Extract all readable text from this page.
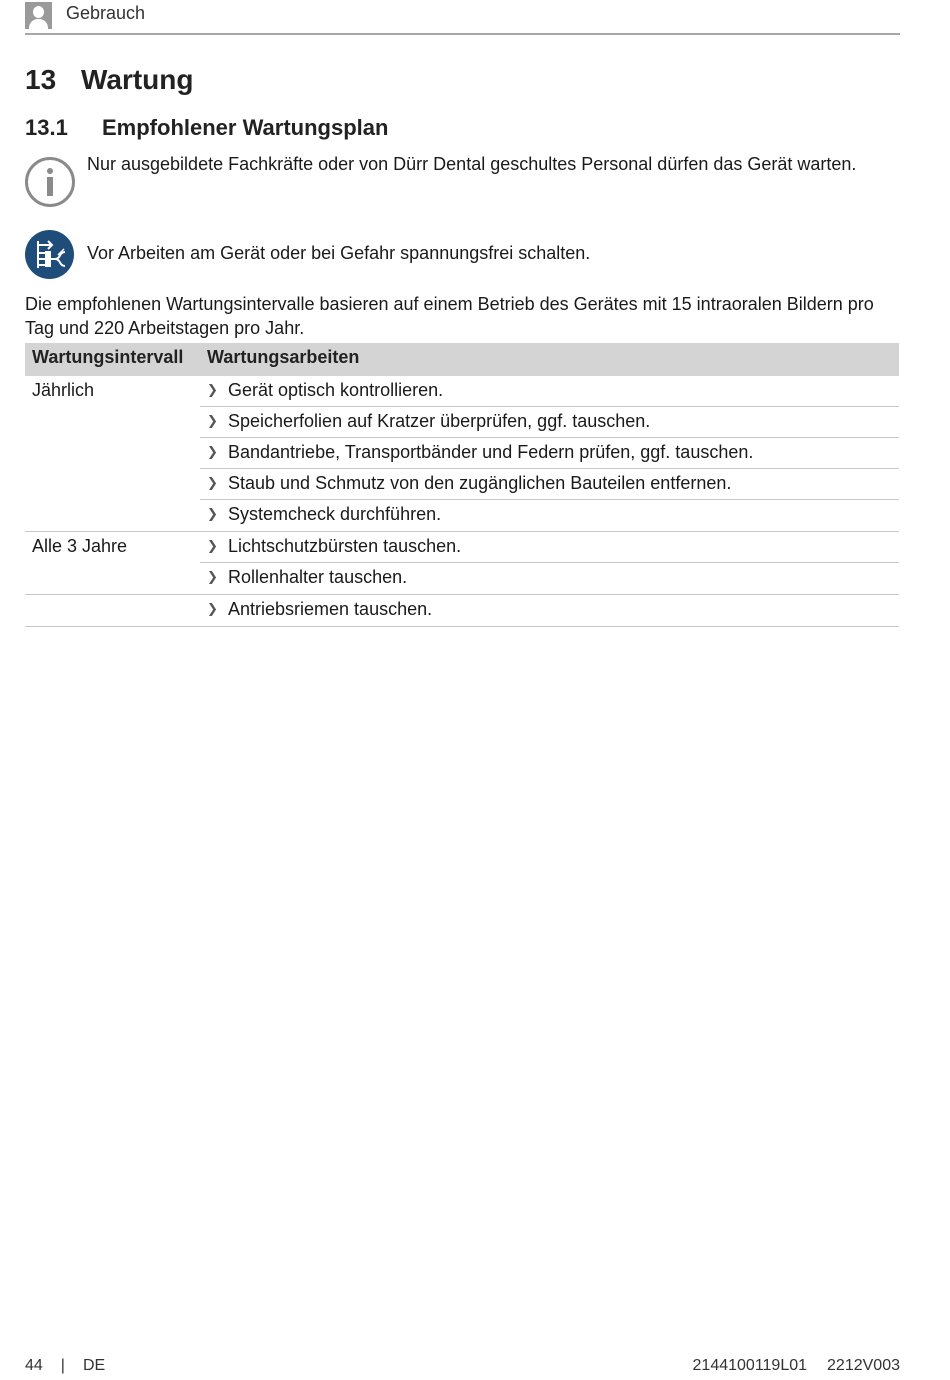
Gebrauch
13 Wartung
13.1 Empfohlener Wartungsplan
Nur ausgebildete Fachkräfte oder von Dürr Dental geschultes Personal dürfen das Gerät warten.
Vor Arbeiten am Gerät oder bei Gefahr spannungsfrei schalten.
Die empfohlenen Wartungsintervalle basieren auf einem Betrieb des Gerätes mit 15 intraoralen Bildern pro Tag und 220 Arbeitstagen pro Jahr.
Wartungsintervall Wartungsarbeiten
Jährlich	❯ Gerät optisch kontrollieren.
❯ Speicherfolien auf Kratzer überprüfen, ggf. tauschen.
❯ Bandantriebe, Transportbänder und Federn prüfen, ggf. tauschen.
❯ Staub und Schmutz von den zugänglichen Bauteilen entfernen.
❯ Systemcheck durchführen.
Alle 3 Jahre	❯ Lichtschutzbürsten tauschen.
❯ Rollenhalter tauschen.
❯ Antriebsriemen tauschen.
44 | DE	2144100119L01 2212V003
